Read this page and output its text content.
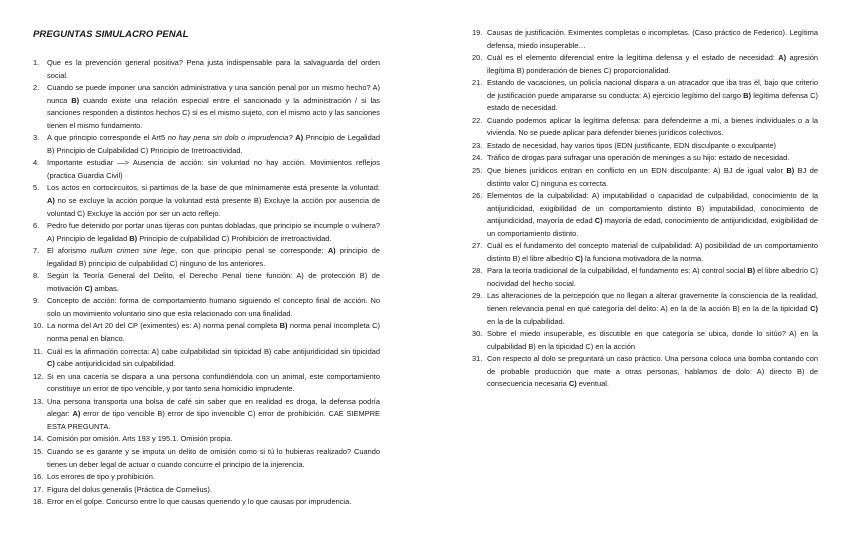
PREGUNTAS SIMULACRO PENAL
1. Que es la prevención general positiva? Pena justa indispensable para la salvaguarda del orden social.
2. Cuando se puede imponer una sanción administrativa y una sanción penal por un mismo hecho? A) nunca B) cuando existe una relación especial entre el sancionado y la administración / si las sanciones responden a distintos hechos C) si es el mismo sujeto, con el mismo acto y las sanciones tienen el mismo fundamento.
3. A que principio corresponde el Art5 no hay pena sin dolo o imprudencia? A) Principio de Legalidad B) Principio de Culpabilidad C) Principio de Irretroactividad.
4. Importante estudiar —> Ausencia de acción: sin voluntad no hay acción. Movimientos reflejos (practica Guardia Civil)
5. Los actos en cortocircuitos, si partimos de la base de que mínimamente está presente la voluntad: A) no se excluye la acción porque la voluntad está presente B) Excluye la acción por ausencia de voluntad C) Excluye la acción por ser un acto reflejo.
6. Pedro fue detenido por portar unas tijeras con puntas dobladas, que principio se incumple o vulnera? A) Principio de legalidad B) Principio de culpabilidad C) Prohibición de irretroactividad.
7. El aforismo nullum crimen sine lege, con que principio penal se corresponde: A) principio de legalidad B) principio de culpabilidad C) ninguno de los anteriores.
8. Según la Teoría General del Delito, el Derecho Penal tiene función: A) de protección B) de motivación C) ambas.
9. Concepto de acción: forma de comportamiento humano siguiendo el concepto final de acción. No solo un movimiento voluntario sino que esta relacionado con una finalidad.
10. La norma del Art 20 del CP (eximentes) es: A) norma penal completa B) norma penal incompleta C) norma penal en blanco.
11. Cuál es la afirmación correcta: A) cabe culpabilidad sin tipicidad B) cabe antijuridicidad sin tipicidad C) cabe antijuridicidad sin culpabilidad.
12. Si en una cacería se dispara a una persona confundiéndola con un animal, este comportamiento constituye un error de tipo vencible, y por tanto seria homicidio imprudente.
13. Una persona transporta una bolsa de café sin saber que en realidad es droga, la defensa podría alegar: A) error de tipo vencible B) error de tipo invencible C) error de prohibición. CAE SIEMPRE ESTA PREGUNTA.
14. Comisión por omisión. Arts 193 y 195.1. Omisión propia.
15. Cuando se es garante y se imputa un delito de omisión como si tú lo hubieras realizado? Cuando tienes un deber legal de actuar o cuando concurre el principio de la injerencia.
16. Los errores de tipo y prohibición.
17. Figura del dolus generalis (Práctica de Cornelius).
18. Error en el golpe. Concurso entre lo que causas queriendo y lo que causas por imprudencia.
19. Causas de justificación. Eximentes completas o incompletas. (Caso práctico de Federico). Legítima defensa, miedo insuperable…
20. Cuál es el elemento diferencial entre la legítima defensa y el estado de necesidad: A) agresión ilegítima B) ponderación de bienes C) proporcionalidad.
21. Estando de vacaciones, un policía nacional dispara a un atracador que iba tras él, bajo que criterio de justificación puede ampararse su conducta: A) ejercicio legítimo del cargo B) legítima defensa C) estado de necesidad.
22. Cuando podemos aplicar la legítima defensa: para defenderme a mi, a bienes individuales o a la vivienda. No se puede aplicar para defender bienes jurídicos colectivos.
23. Estado de necesidad, hay varios tipos (EDN justificante, EDN disculpante o exculpante)
24. Tráfico de drogas para sufragar una operación de meninges a su hijo: estado de necesidad.
25. Que bienes jurídicos entran en conflicto en un EDN disculpante: A) BJ de igual valor B) BJ de distinto valor C) ninguna es correcta.
26. Elementos de la culpabilidad: A) imputabilidad o capacidad de culpabilidad, conocimiento de la antijuridicidad, exigibilidad de un comportamiento distinto B) imputabilidad, conocimiento de antijuridicidad, mayoría de edad C) mayoría de edad, conocimiento de antijuridicidad, exigibilidad de un comportamiento distinto.
27. Cuál es el fundamento del concepto material de culpabilidad: A) posibilidad de un comportamiento distinto B) el libre albedrío C) la funciona motivadora de la norma.
28. Para la teoría tradicional de la culpabilidad, el fundamento es: A) control social B) el libre albedrío C) nocividad del hecho social.
29. Las alteraciones de la percepción que no llegan a alterar gravemente la consciencia de la realidad, tienen relevancia penal en qué categoría del delito: A) en la de la acción B) en la de la tipicidad C) en la de la culpabilidad.
30. Sobre el miedo insuperable, es discutible en que categoría se ubica, donde lo sitúo? A) en la culpabilidad B) en la tipicidad C) en la acción
31. Con respecto al dolo se preguntará un caso práctico. Una persona coloca una bomba contando con de probable producción que mate a otras personas, hablamos de dolo: A) directo B) de consecuencia necesaria C) eventual.
